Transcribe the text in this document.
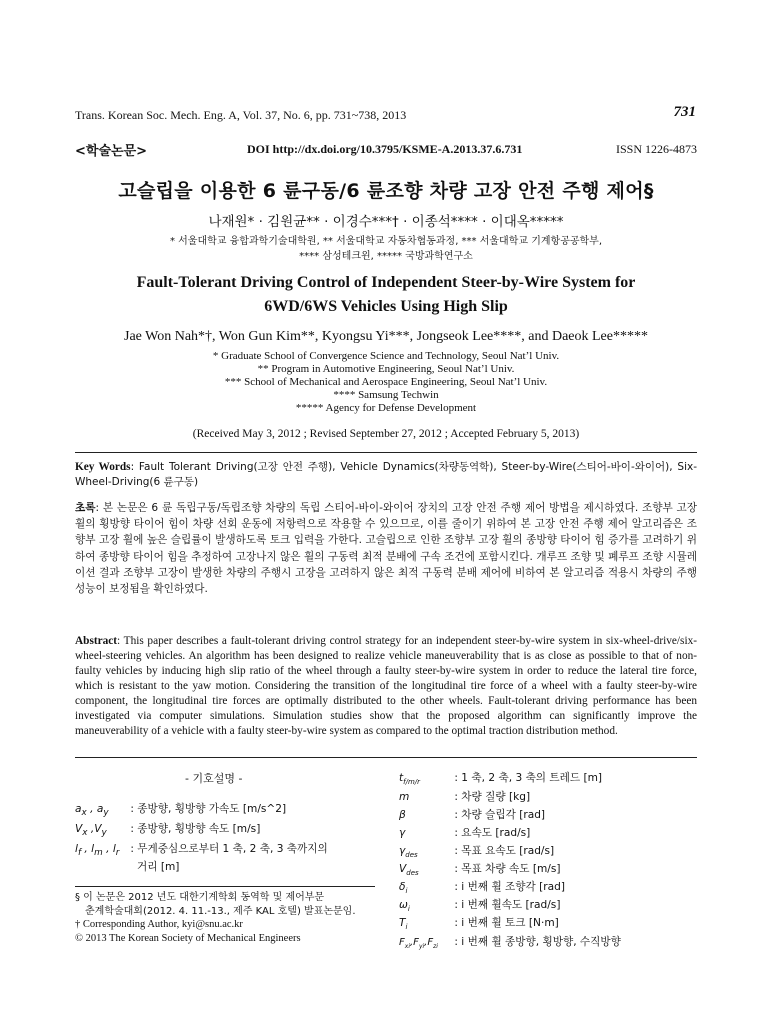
Trans. Korean Soc. Mech. Eng. A, Vol. 37, No. 6, pp. 731~738, 2013	731
<학술논문>	DOI http://dx.doi.org/10.3795/KSME-A.2013.37.6.731	ISSN 1226-4873
고슬립을 이용한 6 륜구동/6 륜조향 차량 고장 안전 주행 제어§
나재원* · 김원균** · 이경수***† · 이종석**** · 이대옥*****
* 서울대학교 융합과학기술대학원, ** 서울대학교 자동차협동과정, *** 서울대학교 기계항공공학부,
**** 삼성테크윈, ***** 국방과학연구소
Fault-Tolerant Driving Control of Independent Steer-by-Wire System for
6WD/6WS Vehicles Using High Slip
Jae Won Nah*†, Won Gun Kim**, Kyongsu Yi***, Jongseok Lee****, and Daeok Lee*****
* Graduate School of Convergence Science and Technology, Seoul Nat’l Univ.
** Program in Automotive Engineering, Seoul Nat’l Univ.
*** School of Mechanical and Aerospace Engineering, Seoul Nat’l Univ.
**** Samsung Techwin
***** Agency for Defense Development
(Received May 3, 2012 ; Revised September 27, 2012 ; Accepted February 5, 2013)
Key Words: Fault Tolerant Driving(고장 안전 주행), Vehicle Dynamics(차량동역학), Steer-by-Wire(스티어-바이-와이어), Six-Wheel-Driving(6 륜구동)
초록: 본 논문은 6 륜 독립구동/독립조향 차량의 독립 스티어-바이-와이어 장치의 고장 안전 주행 제어 방법을 제시하였다. 조향부 고장 휠의 횡방향 타이어 힘이 차량 선회 운동에 저항력으로 작용할 수 있으므로, 이를 줄이기 위하여 본 고장 안전 주행 제어 알고리즘은 조향부 고장 휠에 높은 슬립률이 발생하도록 토크 입력을 가한다. 고슬립으로 인한 조향부 고장 휠의 종방향 타이어 힘 증가를 고려하기 위하여 종방향 타이어 힘을 추정하여 고장나지 않은 휠의 구동력 최적 분배에 구속 조건에 포함시킨다. 개루프 조향 및 폐루프 조향 시뮬레이션 결과 조향부 고장이 발생한 차량의 주행시 고장을 고려하지 않은 최적 구동력 분배 제어에 비하여 본 알고리즘 적용시 차량의 주행 성능이 보정됨을 확인하였다.
Abstract: This paper describes a fault-tolerant driving control strategy for an independent steer-by-wire system in six-wheel-drive/six-wheel-steering vehicles. An algorithm has been designed to realize vehicle maneuverability that is as close as possible to that of non-faulty vehicles by inducing high slip ratio of the wheel through a faulty steer-by-wire system in order to reduce the lateral tire force, which is resistant to the yaw motion. Considering the transition of the longitudinal tire force of a wheel with a faulty steer-by-wire component, the longitudinal tire forces are optimally distributed to the other wheels. Fault-tolerant driving performance has been investigated via computer simulations. Simulation studies show that the proposed algorithm can significantly improve the maneuverability of a vehicle with a faulty steer-by-wire system as compared to the optimal traction distribution method.
- 기호설명 -
$a_x$ , $a_y$ : 종방향, 횡방향 가속도 [m/s^2]
$V_x$ $,V_y$ : 종방향, 횡방향 속도 [m/s]
$l_f$ , $l_m$ , $l_r$ : 무게중심으로부터 1 축, 2 축, 3 축까지의
거리 [m]
§ 이 논문은 2012 년도 대한기계학회 동역학 및 제어부문
춘계학술대회(2012. 4. 11.-13., 제주 KAL 호텔) 발표논문임.
† Corresponding Author, kyi@snu.ac.kr
© 2013 The Korean Society of Mechanical Engineers
$t_{f/m/r}$	: 1 축, 2 축, 3 축의 트레드 [m]
m	: 차량 질량 [kg]
β	: 차량 슬립각 [rad]
γ	: 요속도 [rad/s]
$\gamma_{des}$	: 목표 요속도 [rad/s]
$V_{des}$	: 목표 차량 속도 [m/s]
$\delta_i$	: i 번째 휠 조향각 [rad]
$\omega_i$	: i 번째 휠속도 [rad/s]
$T_i$	: i 번째 휠 토크 [N·m]
$F_{xi},F_{yi},F_{zi}$ : i 번째 휠 종방향, 횡방향, 수직방향
